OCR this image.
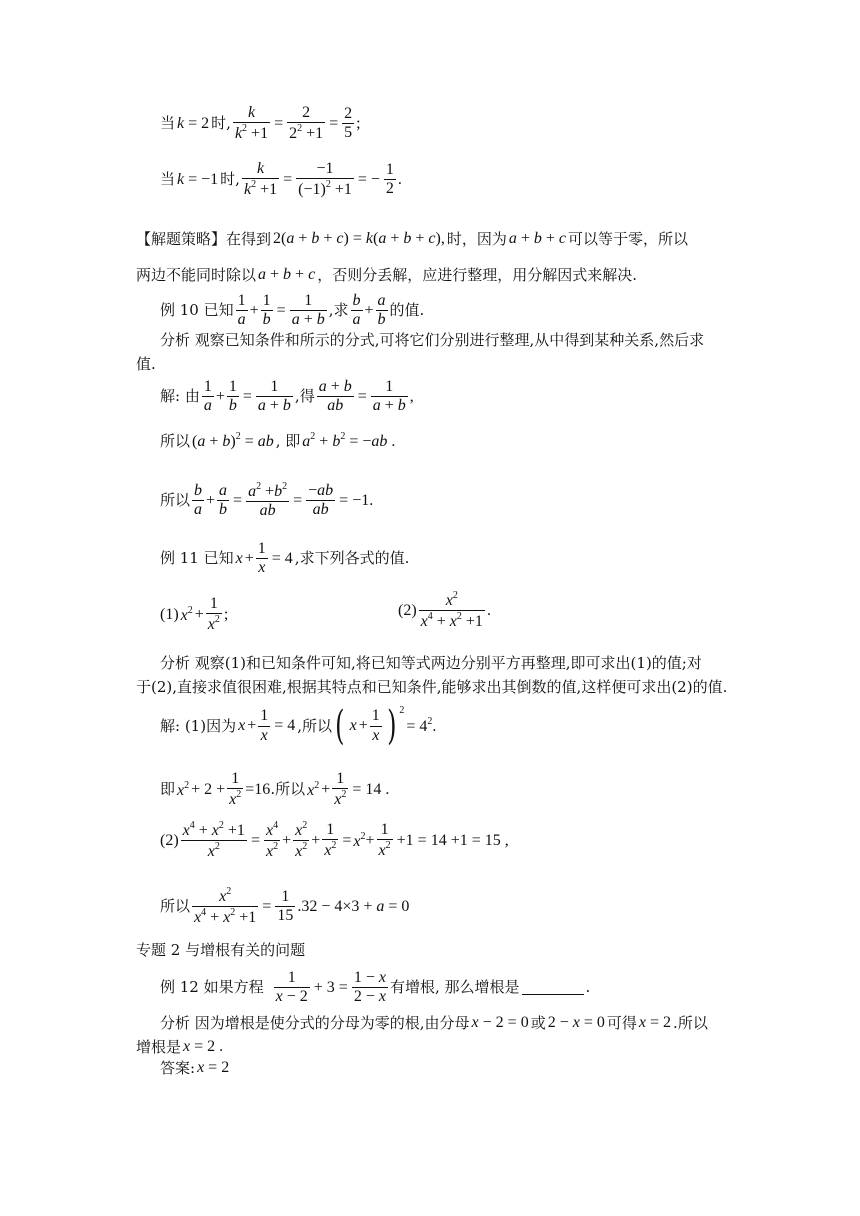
当 k = 2 时, $\frac{k}{k^2 +1} = \frac{2}{2^2 +1} = \frac{2}{5}$ ;
当 k = −1 时, $\frac{k}{k^2 +1} = \frac{-1}{(-1)^2 +1}$ = − $\frac{1}{2}$ .
【解题策略】 在得到 2(a + b + c) = k(a + b + c), 时，因为 a + b + c 可以等于零，所以
两边不能同时除以 a + b + c ，否则分丢解，应进行整理，用分解因式来解决.
例 10 已知 $\frac{1}{a} + \frac{1}{b} = \frac{1}{a + b}$ ,求 $\frac{b}{a} + \frac{a}{b}$ 的值.
分析 观察已知条件和所示的分式,可将它们分别进行整理,从中得到某种关系,然后求
值.
解: 由 $\frac{1}{a} + \frac{1}{b} = \frac{1}{a + b}$ ,得 $\frac{a + b}{ab} = \frac{1}{a + b}$ ,
所以 $(a + b)^2$ = ab , 即 $a^2 + b^2 = -ab$ .
所以 $\frac{b}{a} + \frac{a}{b} = \frac{a^2 +b^2}{ab} = \frac{-ab}{ab} = -1$.
例 11 已知 $x + \frac{1}{x} = 4$ ,求下列各式的值.
(1) $x^2 + \frac{1}{x^2}$ ;	$(2) \frac{x^2}{x^4 + x^2 +1}$ .
分析 观察(1)和已知条件可知,将已知等式两边分别平方再整理,即可求出(1)的值;对
于(2),直接求值很困难,根据其特点和已知条件,能够求出其倒数的值,这样便可求出(2)的值.
解: (1)因为 $x + \frac{1}{x} = 4$ ,所以 ( $x + \frac{1}{x}$ ) 2
= $4^2$.
即 $x^2 + 2 + \frac{1}{x^2} =16$ .所以 $x^2 + \frac{1}{x^2} = 14$ .
$(2) \frac{x^4 + x^2 +1}{x^2} = \frac{x^4}{x^2} + \frac{x^2}{x^2} + \frac{1}{x^2} = x^2 + \frac{1}{x^2} +1 = 14 +1 = 15$ ,
所以 $\frac{x^2}{x^4 + x^2 +1} = \frac{1}{15} .32 - 4\times 3 + a = 0$
专题 2 与增根有关的问题
例 12 如果方程 $\frac{1}{x - 2} + 3 = \frac{1 - x}{2 - x}$ 有增根, 那么增根是	.
分析 因为增根是使分式的分母为零的根,由分母 x − 2 = 0 或 2 − x = 0 可得 x = 2 .所以
增根是 x = 2 .
答案: x = 2
